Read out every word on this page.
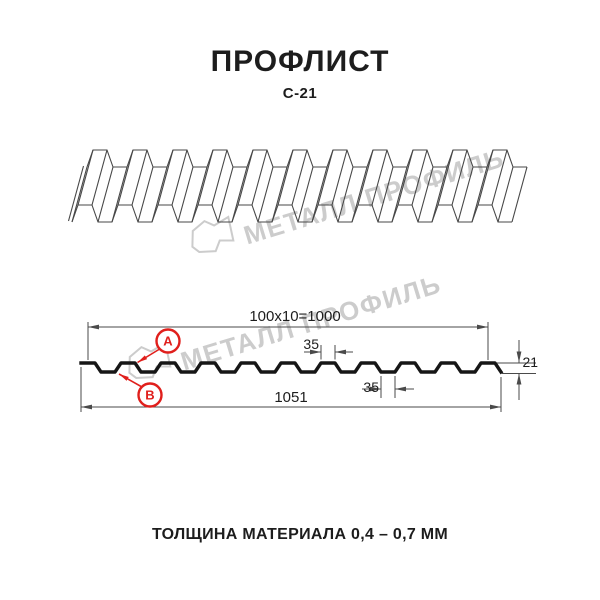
ПРОФЛИСТ
С-21
МЕТАЛЛ ПРОФИЛЬ
100x10=1000
1051
35
35
21
A
B
ТОЛЩИНА МАТЕРИАЛА 0,4 – 0,7 ММ
